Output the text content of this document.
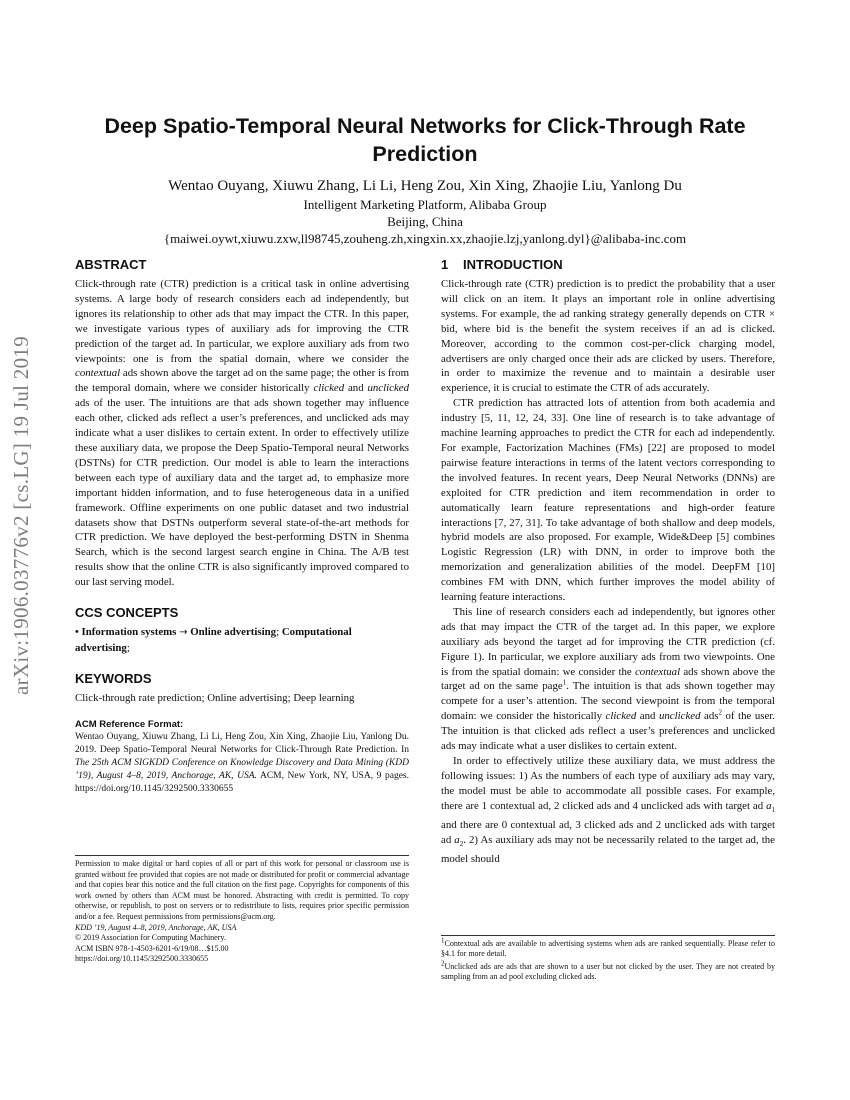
arXiv:1906.03776v2 [cs.LG] 19 Jul 2019
Deep Spatio-Temporal Neural Networks for Click-Through Rate Prediction
Wentao Ouyang, Xiuwu Zhang, Li Li, Heng Zou, Xin Xing, Zhaojie Liu, Yanlong Du
Intelligent Marketing Platform, Alibaba Group
Beijing, China
{maiwei.oywt,xiuwu.zxw,ll98745,zouheng.zh,xingxin.xx,zhaojie.lzj,yanlong.dyl}@alibaba-inc.com
ABSTRACT

Click-through rate (CTR) prediction is a critical task in online advertising systems. A large body of research considers each ad independently, but ignores its relationship to other ads that may impact the CTR. In this paper, we investigate various types of auxiliary ads for improving the CTR prediction of the target ad. In particular, we explore auxiliary ads from two viewpoints: one is from the spatial domain, where we consider the contextual ads shown above the target ad on the same page; the other is from the temporal domain, where we consider historically clicked and unclicked ads of the user. The intuitions are that ads shown together may influence each other, clicked ads reflect a user’s preferences, and unclicked ads may indicate what a user dislikes to certain extent. In order to effectively utilize these auxiliary data, we propose the Deep Spatio-Temporal neural Networks (DSTNs) for CTR prediction. Our model is able to learn the interactions between each type of auxiliary data and the target ad, to emphasize more important hidden information, and to fuse heterogeneous data in a unified framework. Offline experiments on one public dataset and two industrial datasets show that DSTNs outperform several state-of-the-art methods for CTR prediction. We have deployed the best-performing DSTN in Shenma Search, which is the second largest search engine in China. The A/B test results show that the online CTR is also significantly improved compared to our last serving model.

CCS CONCEPTS

• Information systems → Online advertising; Computational advertising;

KEYWORDS

Click-through rate prediction; Online advertising; Deep learning

ACM Reference Format:

Wentao Ouyang, Xiuwu Zhang, Li Li, Heng Zou, Xin Xing, Zhaojie Liu, Yanlong Du. 2019. Deep Spatio-Temporal Neural Networks for Click-Through Rate Prediction. In The 25th ACM SIGKDD Conference on Knowledge Discovery and Data Mining (KDD ’19), August 4–8, 2019, Anchorage, AK, USA. ACM, New York, NY, USA, 9 pages. https://doi.org/10.1145/3292500.3330655

Permission to make digital or hard copies of all or part of this work for personal or classroom use is granted without fee provided that copies are not made or distributed for profit or commercial advantage and that copies bear this notice and the full citation on the first page. Copyrights for components of this work owned by others than ACM must be honored. Abstracting with credit is permitted. To copy otherwise, or republish, to post on servers or to redistribute to lists, requires prior specific permission and/or a fee. Request permissions from permissions@acm.org.

KDD ’19, August 4–8, 2019, Anchorage, AK, USA

© 2019 Association for Computing Machinery.

ACM ISBN 978-1-4503-6201-6/19/08…$15.00

https://doi.org/10.1145/3292500.3330655

1 INTRODUCTION

Click-through rate (CTR) prediction is to predict the probability that a user will click on an item. It plays an important role in online advertising systems. For example, the ad ranking strategy generally depends on CTR × bid, where bid is the benefit the system receives if an ad is clicked. Moreover, according to the common cost-per-click charging model, advertisers are only charged once their ads are clicked by users. Therefore, in order to maximize the revenue and to maintain a desirable user experience, it is crucial to estimate the CTR of ads accurately.

CTR prediction has attracted lots of attention from both academia and industry [5, 11, 12, 24, 33]. One line of research is to take advantage of machine learning approaches to predict the CTR for each ad independently. For example, Factorization Machines (FMs) [22] are proposed to model pairwise feature interactions in terms of the latent vectors corresponding to the involved features. In recent years, Deep Neural Networks (DNNs) are exploited for CTR prediction and item recommendation in order to automatically learn feature representations and high-order feature interactions [7, 27, 31]. To take advantage of both shallow and deep models, hybrid models are also proposed. For example, Wide&Deep [5] combines Logistic Regression (LR) with DNN, in order to improve both the memorization and generalization abilities of the model. DeepFM [10] combines FM with DNN, which further improves the model ability of learning feature interactions.

This line of research considers each ad independently, but ignores other ads that may impact the CTR of the target ad. In this paper, we explore auxiliary ads beyond the target ad for improving the CTR prediction (cf. Figure 1). In particular, we explore auxiliary ads from two viewpoints. One is from the spatial domain: we consider the contextual ads shown above the target ad on the same page$^1$. The intuition is that ads shown together may compete for a user’s attention. The second viewpoint is from the temporal domain: we consider the historically clicked and unclicked ads$^2$ of the user. The intuition is that clicked ads reflect a user’s preferences and unclicked ads may indicate what a user dislikes to certain extent.

In order to effectively utilize these auxiliary data, we must address the following issues: 1) As the numbers of each type of auxiliary ads may vary, the model must be able to accommodate all possible cases. For example, there are 1 contextual ad, 2 clicked ads and 4 unclicked ads with target ad $a_1$ and there are 0 contextual ad, 3 clicked ads and 2 unclicked ads with target ad $a_2$. 2) As auxiliary ads may not be necessarily related to the target ad, the model should

$^1$Contextual ads are available to advertising systems when ads are ranked sequentially. Please refer to §4.1 for more detail.

$^2$Unclicked ads are ads that are shown to a user but not clicked by the user. They are not created by sampling from an ad pool excluding clicked ads.
